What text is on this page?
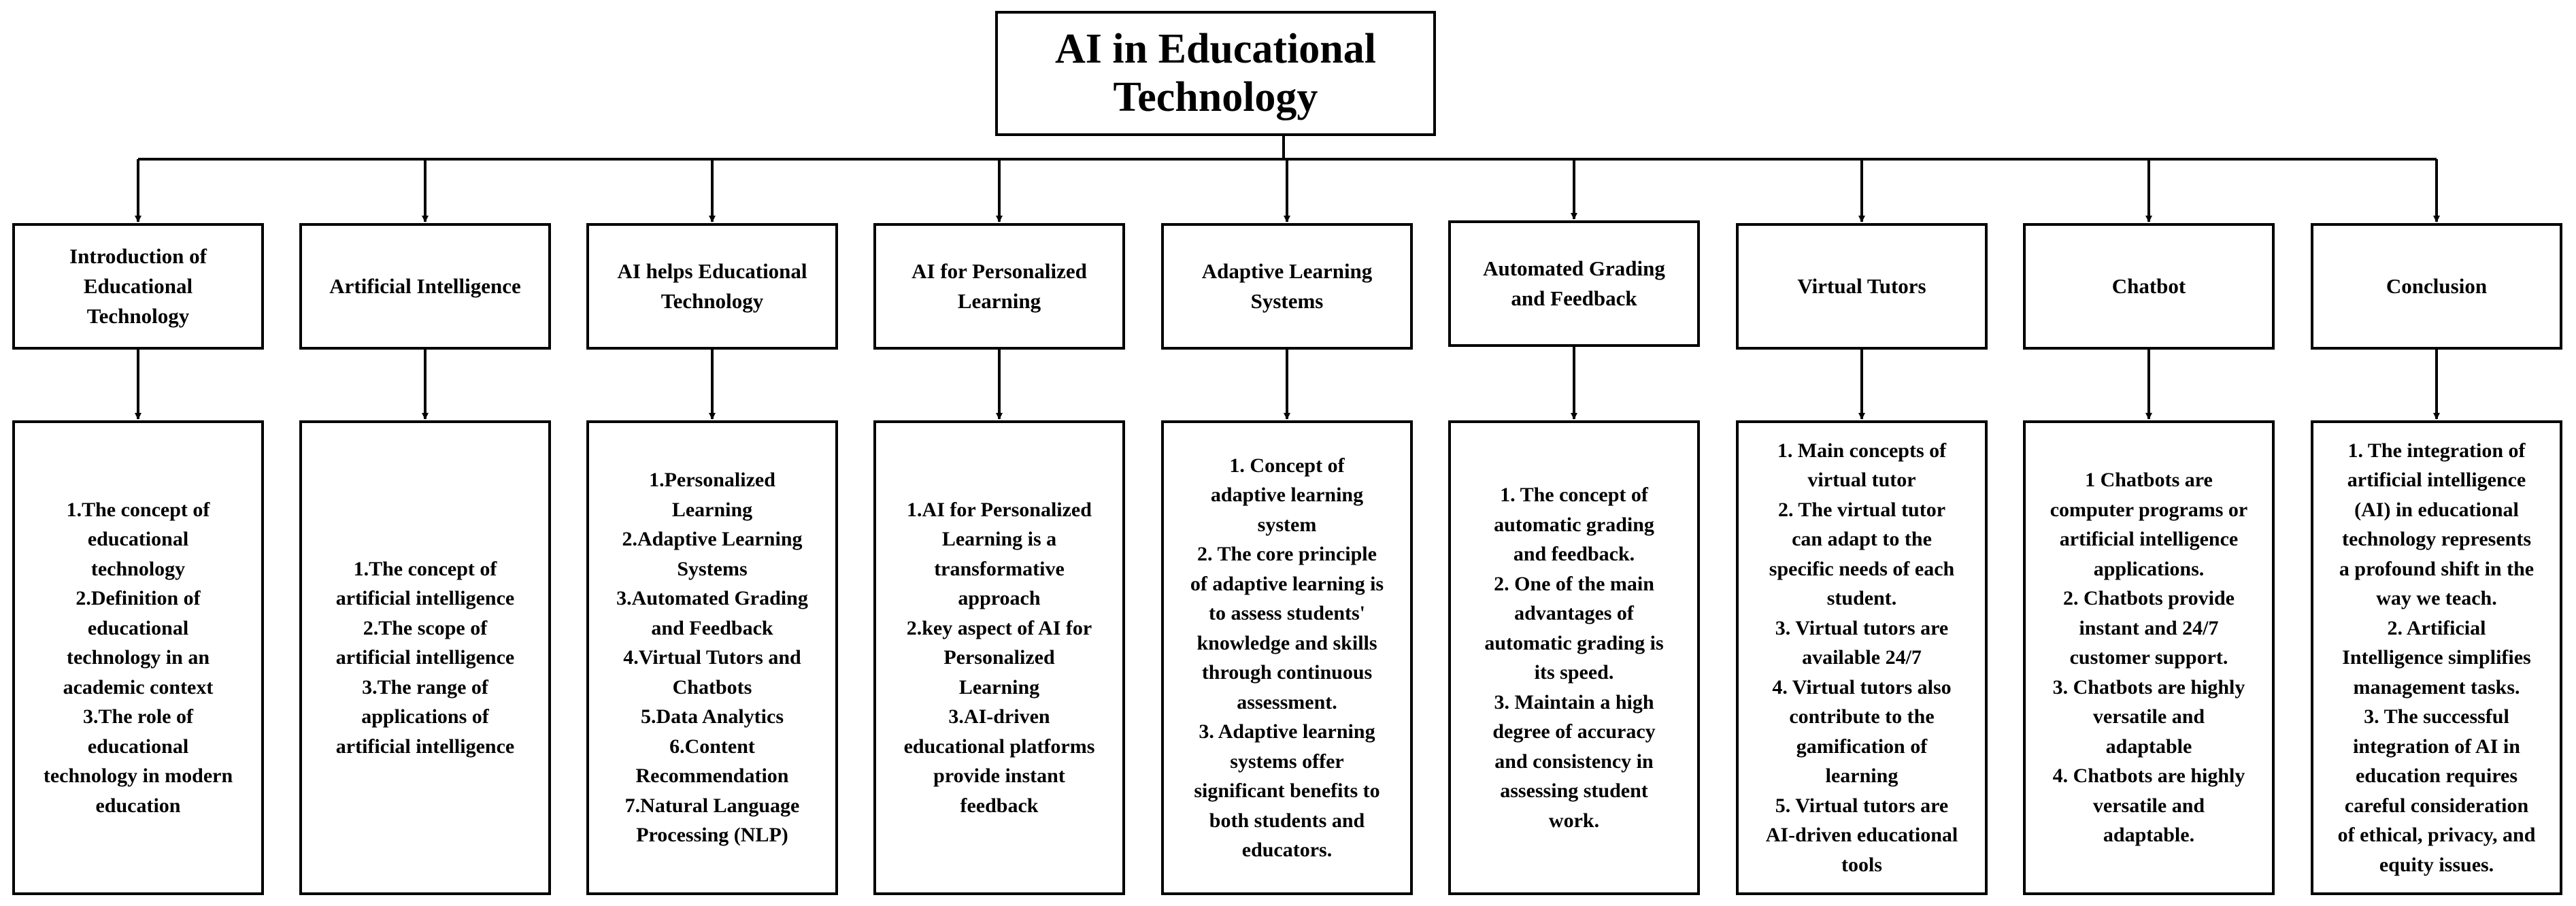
AI in Educational Technology
Introduction of
Educational
Technology
Artificial Intelligence
AI helps Educational
Technology
AI for Personalized
Learning
Adaptive Learning
Systems
Automated Grading
and Feedback
Virtual Tutors	Chatbot	Conclusion
1.The concept of
educational
technology
2.Definition of
educational
technology in an
academic context
3.The role of
educational
technology in modern
education
1.The concept of
artificial intelligence
2.The scope of
artificial intelligence
3.The range of
applications of
artificial intelligence
1.Personalized
Learning
2.Adaptive Learning
Systems
3.Automated Grading
and Feedback
4.Virtual Tutors and
Chatbots
5.Data Analytics
6.Content
Recommendation
7.Natural Language
Processing (NLP)
1.AI for Personalized
Learning is a
transformative
approach
2.key aspect of AI for
Personalized
Learning
3.AI-driven
educational platforms
provide instant
feedback
1. Concept of
adaptive learning
system
2. The core principle
of adaptive learning is
to assess students'
knowledge and skills
through continuous
assessment.
3. Adaptive learning
systems offer
significant benefits to
both students and
educators.
1. The concept of
automatic grading
and feedback.
2. One of the main
advantages of
automatic grading is
its speed.
3. Maintain a high
degree of accuracy
and consistency in
assessing student
work.
1. Main concepts of
virtual tutor
2. The virtual tutor
can adapt to the
specific needs of each
student.
3. Virtual tutors are
available 24/7
4. Virtual tutors also
contribute to the
gamification of
learning
5. Virtual tutors are
AI-driven educational
tools
1 Chatbots are
computer programs or
artificial intelligence
applications.
2. Chatbots provide
instant and 24/7
customer support.
3. Chatbots are highly
versatile and
adaptable
4. Chatbots are highly
versatile and
adaptable.
1. The integration of
artificial intelligence
(AI) in educational
technology represents
a profound shift in the
way we teach.
2. Artificial
Intelligence simplifies
management tasks.
3. The successful
integration of AI in
education requires
careful consideration
of ethical, privacy, and
equity issues.
